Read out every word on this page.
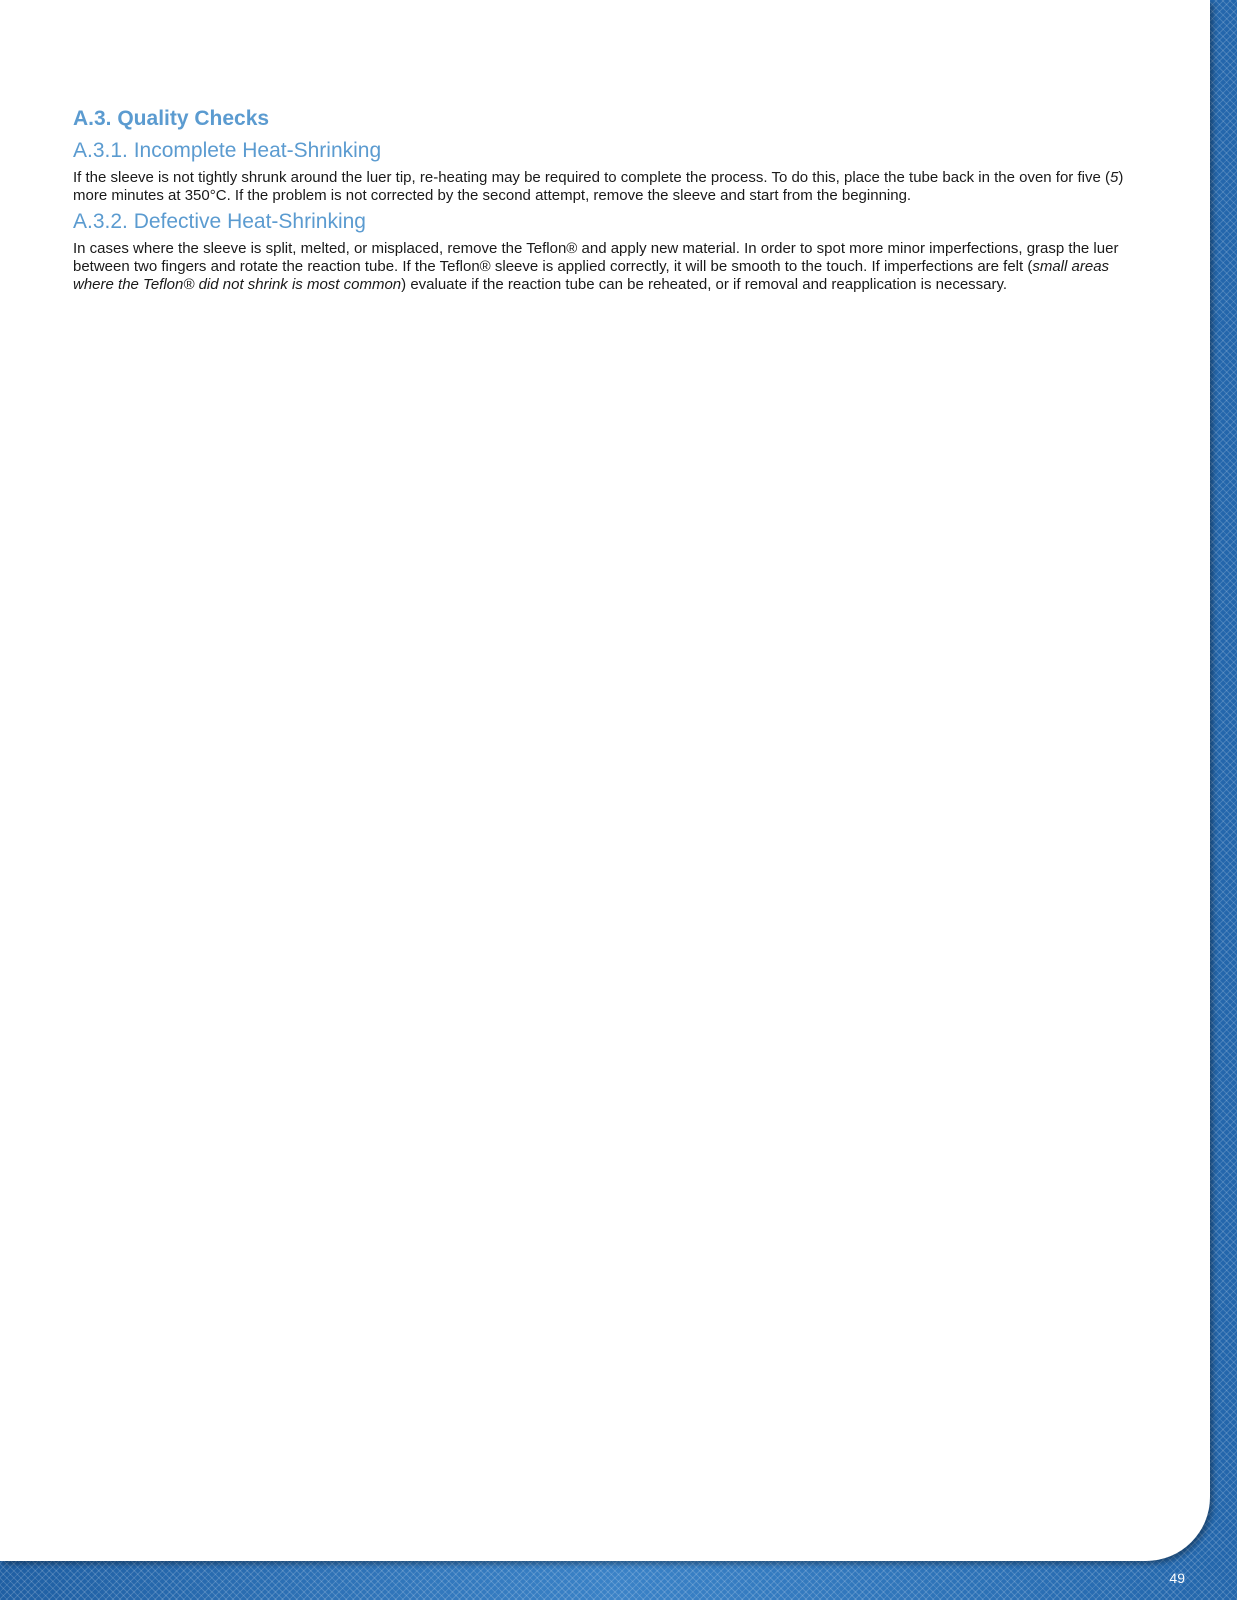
A.3. Quality Checks
A.3.1. Incomplete Heat-Shrinking

If the sleeve is not tightly shrunk around the luer tip, re-heating may be required to complete the process. To do this, place the tube back in the oven for five (5) more minutes at 350°C. If the problem is not corrected by the second attempt, remove the sleeve and start from the beginning.

A.3.2. Defective Heat-Shrinking

In cases where the sleeve is split, melted, or misplaced, remove the Teflon® and apply new material. In order to spot more minor imperfections, grasp the luer between two fingers and rotate the reaction tube. If the Teflon® sleeve is applied correctly, it will be smooth to the touch. If imperfections are felt (small areas where the Teflon® did not shrink is most common) evaluate if the reaction tube can be reheated, or if removal and reapplication is necessary.

49
